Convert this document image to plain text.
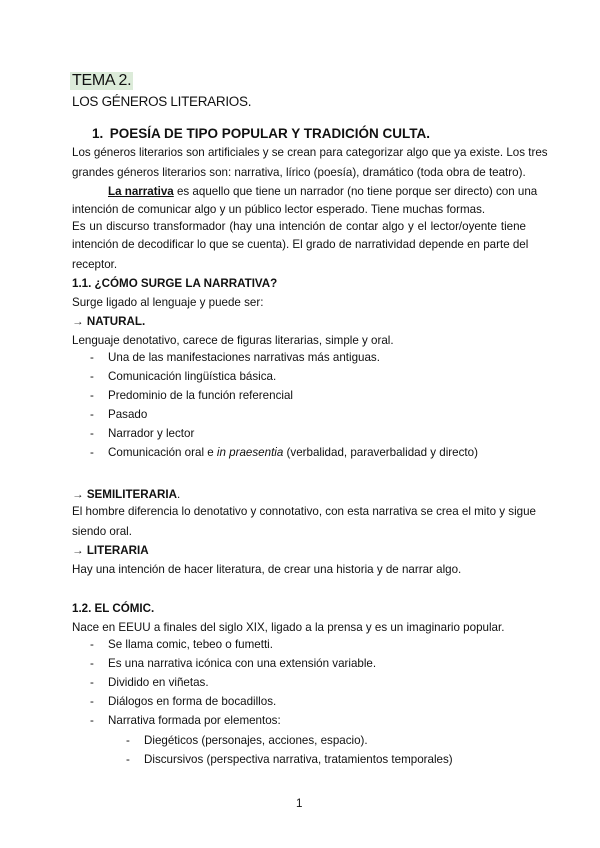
TEMA 2.
LOS GÉNEROS LITERARIOS.
1. POESÍA DE TIPO POPULAR Y TRADICIÓN CULTA.
Los géneros literarios son artificiales y se crean para categorizar algo que ya existe. Los tres
grandes géneros literarios son: narrativa, lírico (poesía), dramático (toda obra de teatro).
La narrativa es aquello que tiene un narrador (no tiene porque ser directo) con una
intención de comunicar algo y un público lector esperado. Tiene muchas formas.
Es un discurso transformador (hay una intención de contar algo y el lector/oyente tiene
intención de decodificar lo que se cuenta). El grado de narratividad depende en parte del
receptor.
1.1. ¿CÓMO SURGE LA NARRATIVA?
Surge ligado al lenguaje y puede ser:
→ NATURAL.
Lenguaje denotativo, carece de figuras literarias, simple y oral.
-	Una de las manifestaciones narrativas más antiguas.
-	Comunicación lingüística básica.
-	Predominio de la función referencial
-	Pasado
-	Narrador y lector
-	Comunicación oral e in praesentia (verbalidad, paraverbalidad y directo)
→ SEMILITERARIA.
El hombre diferencia lo denotativo y connotativo, con esta narrativa se crea el mito y sigue
siendo oral.
→ LITERARIA
Hay una intención de hacer literatura, de crear una historia y de narrar algo.
1.2. EL CÓMIC.
Nace en EEUU a finales del siglo XIX, ligado a la prensa y es un imaginario popular.
-	Se llama comic, tebeo o fumetti.
-	Es una narrativa icónica con una extensión variable.
-	Dividido en viñetas.
-	Diálogos en forma de bocadillos.
-	Narrativa formada por elementos:
-	Diegéticos (personajes, acciones, espacio).
-	Discursivos (perspectiva narrativa, tratamientos temporales)
1
